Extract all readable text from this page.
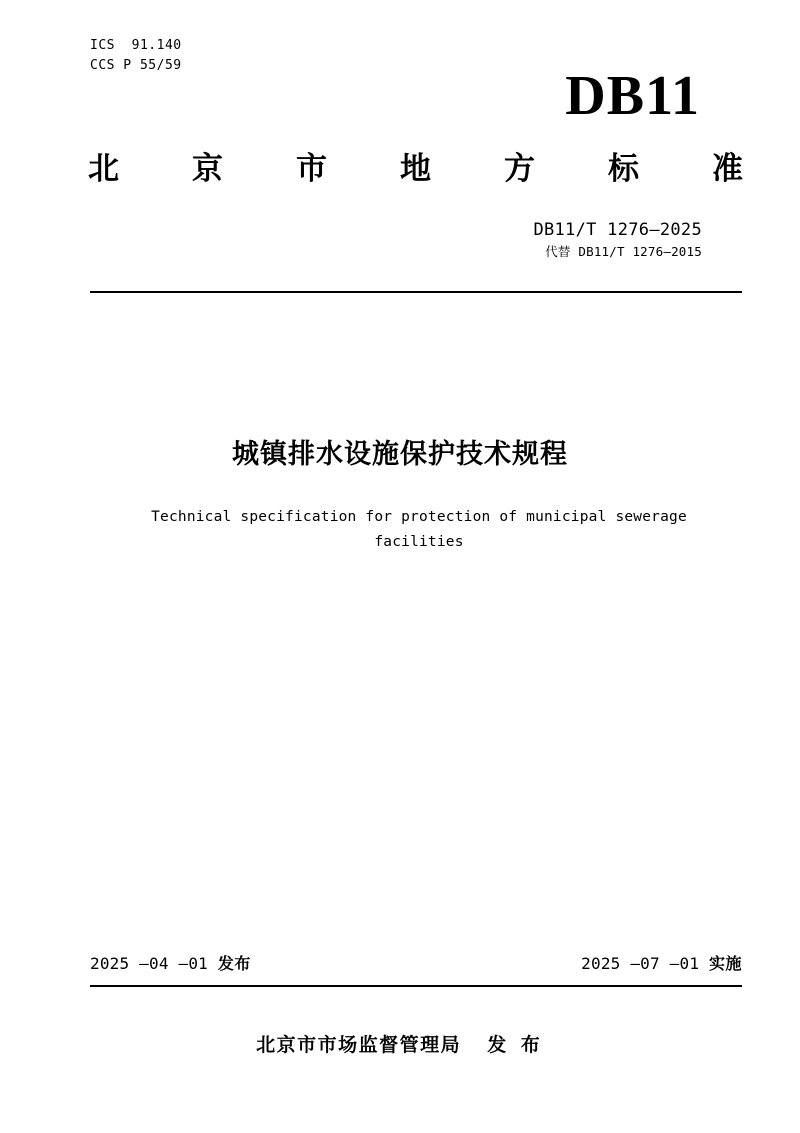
ICS  91.140
CCS P 55/59	DB11
北 京 市 地 方 标 准
DB11/T 1276—2025
代替 DB11/T 1276—2015
城镇排水设施保护技术规程
Technical specification for protection of municipal sewerage facilities
2025 —04 —01 发布	2025 —07 —01 实施
北京市市场监督管理局 发 布
